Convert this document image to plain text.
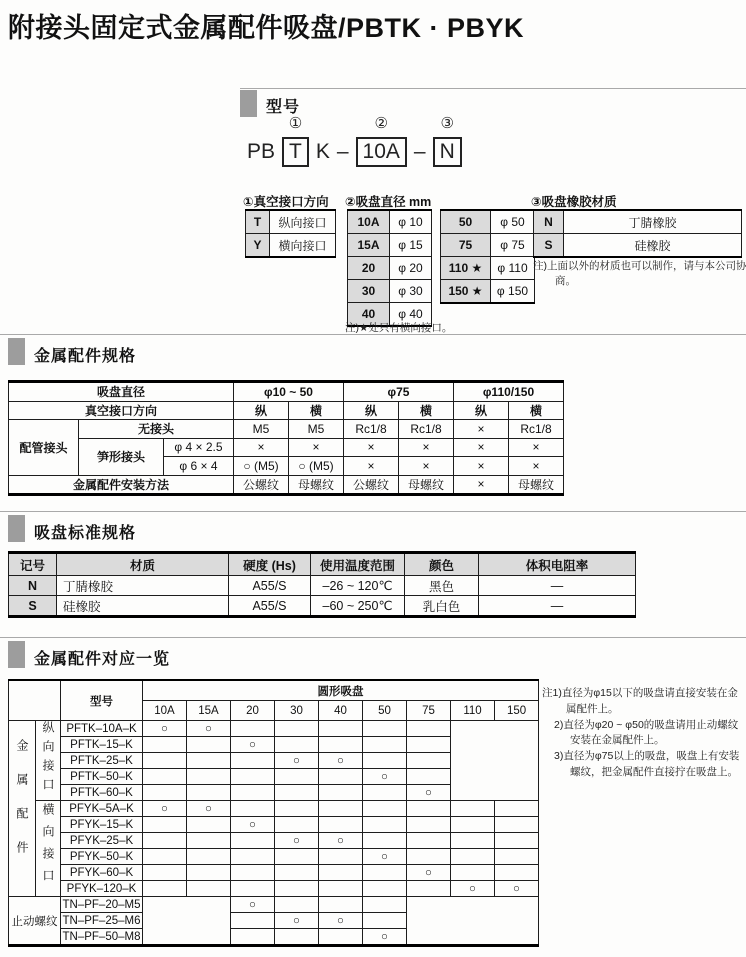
附接头固定式金属配件吸盘/PBTK · PBYK
型号

PB
①
T
K
–
②
10A
–
③
N
①真空接口方向
T	纵向接口
Y	横向接口
②吸盘直径 mm
10A	φ 10
15A	φ 15
20	φ 20
30	φ 30
40	φ 40
50	φ 50
75	φ 75
110 ★	φ 110
150 ★	φ 150
注)★处只有横向接口。
③吸盘橡胶材质
N	丁腈橡胶
S	硅橡胶
注)上面以外的材质也可以制作，请与本公司协商。
金属配件规格
吸盘直径			φ10 ~ 50		φ75		φ110/150	
真空接口方向			纵	横	纵	横	纵	横
配管接头	无接头		M5	M5	Rc1/8	Rc1/8	×	Rc1/8
	笋形接头	φ 4 × 2.5	×	×	×	×	×	×
		φ 6 × 4	○ (M5)	○ (M5)	×	×	×	×
金属配件安装方法			公螺纹	母螺纹	公螺纹	母螺纹	×	母螺纹
吸盘标准规格
记号	材质	硬度 (Hs)	使用温度范围	颜色	体积电阻率
N	丁腈橡胶	A55/S	–26 ~ 120℃	黑色	—
S	硅橡胶	A55/S	–60 ~ 250℃	乳白色	—
金属配件对应一览
		型号	圆形吸盘								
			10A	15A	20	30	40	50	75	110	150
金属配件	纵向接口	PFTK–10A–K	○	○							
		PFTK–15–K			○						
		PFTK–25–K				○	○				
		PFTK–50–K						○			
		PFTK–60–K							○		
	横向接口	PFYK–5A–K	○	○							
		PFYK–15–K			○						
		PFYK–25–K				○	○				
		PFYK–50–K						○			
		PFYK–60–K							○		
		PFYK–120–K								○	○
止动螺纹		TN–PF–20–M5			○						
		TN–PF–25–M6				○	○				
		TN–PF–50–M8						○			
注1)直径为φ15以下的吸盘请直接安装在金属配件上。
2)直径为φ20 ~ φ50的吸盘请用止动螺纹安装在金属配件上。
3)直径为φ75以上的吸盘，吸盘上有安装螺纹，把金属配件直接拧在吸盘上。
